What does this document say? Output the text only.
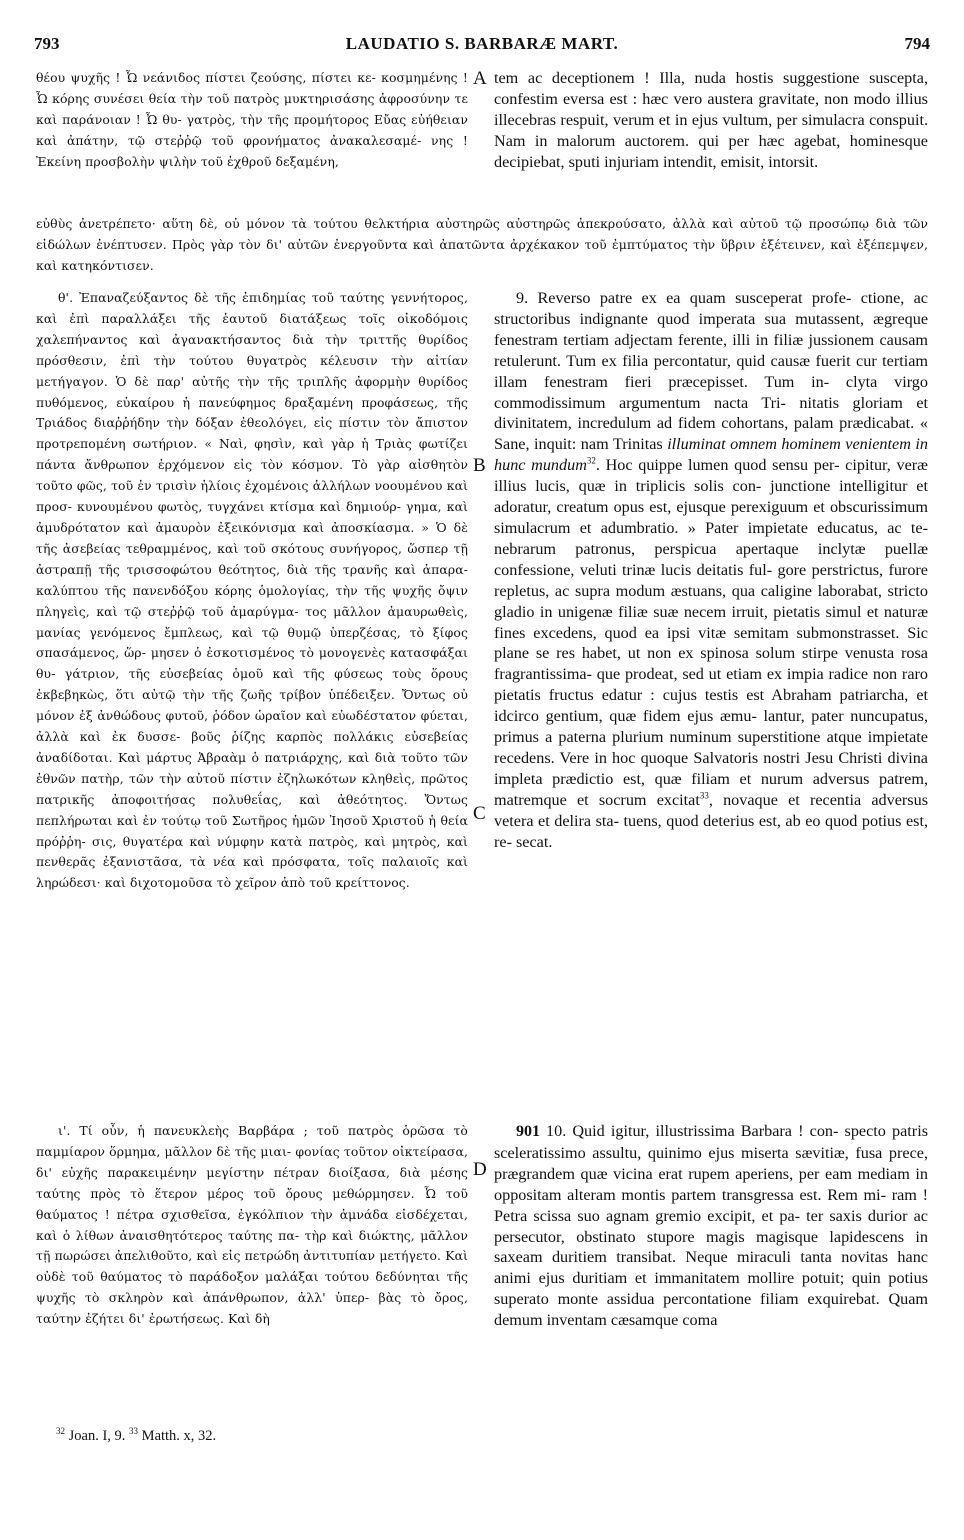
793	LAUDATIO S. BARBARÆ MART.	794

θέου ψυχῆς ! Ὦ νεάνιδος πίστει ζεούσης, πίστει κε- κοσμημένης ! Ὦ κόρης συνέσει θεία τὴν τοῦ πατρὸς μυκτηρισάσης ἀφροσύνην τε καὶ παράνοιαν ! Ὦ θυ- γατρὸς, τὴν τῆς προμήτορος Εὔας εὐήθειαν καὶ ἀπάτην, τῷ στεῤῥῷ τοῦ φρονήματος ἀνακαλεσαμέ- νης ! Ἐκείνη προσβολὴν ψιλὴν τοῦ ἐχθροῦ δεξαμένη,

tem ac deceptionem ! Illa, nuda hostis suggestione suscepta, confestim eversa est : hæc vero austera gravitate, non modo illius illecebras respuit, verum et in ejus vultum, per simulacra conspuit. Nam in malorum auctorem. qui per hæc agebat, hominesque decipiebat, sputi injuriam intendit, emisit, intorsit.

εὐθὺς ἀνετρέπετο· αὕτη δὲ, οὐ μόνον τὰ τούτου θελκτήρια αὐστηρῶς αὐστηρῶς ἀπεκρούσατο, ἀλλὰ καὶ αὐτοῦ τῷ προσώπῳ διὰ τῶν εἰδώλων ἐνέπτυσεν. Πρὸς γὰρ τὸν δι' αὐτῶν ἐνεργοῦντα καὶ ἀπατῶντα ἀρχέκακον τοῦ ἐμπτύματος τὴν ὕβριν ἐξέτεινεν, καὶ ἐξέπεμψεν, καὶ κατηκόντισεν.

θ'. Ἐπαναζεύξαντος δὲ τῆς ἐπιδημίας τοῦ ταύτης γεννήτορος, καὶ ἐπὶ παραλλάξει τῆς ἑαυτοῦ διατάξεως τοῖς οἰκοδόμοις χαλεπήναντος καὶ ἀγανακτήσαντος διὰ τὴν τριττῆς θυρίδος πρόσθεσιν, ἐπὶ τὴν τούτου θυγατρὸς κέλευσιν τὴν αἰτίαν μετήγαγον. Ὁ δὲ παρ' αὐτῆς τὴν τῆς τριπλῆς ἀφορμὴν θυρίδος πυθόμενος, εὐκαίρου ἡ πανεύφημος δραξαμένη προφάσεως, τῆς Τριάδος διαῤῥήδην τὴν δόξαν ἐθεολόγει, εἰς πίστιν τὸν ἄπιστον προτρεπομένη σωτήριον. « Ναὶ, φησὶν, καὶ γὰρ ἡ Τριὰς φωτίζει πάντα ἄνθρωπον ἐρχόμενον εἰς τὸν κόσμον. Τὸ γὰρ αἰσθητὸν τοῦτο φῶς, τοῦ ἐν τρισὶν ἡλίοις ἐχομένοις ἀλλήλων νοουμένου καὶ προσ- κυνουμένου φωτὸς, τυγχάνει κτίσμα καὶ δημιούρ- γημα, καὶ ἀμυδρότατον καὶ ἀμαυρὸν ἐξεικόνισμα καὶ ἀποσκίασμα. » Ὁ δὲ τῆς ἀσεβείας τεθραμμένος, καὶ τοῦ σκότους συνήγορος, ὥσπερ τῇ ἀστραπῇ τῆς τρισσοφώτου θεότητος, διὰ τῆς τρανῆς καὶ ἀπαρα- καλύπτου τῆς πανενδόξου κόρης ὁμολογίας, τὴν τῆς ψυχῆς ὄψιν πληγεὶς, καὶ τῷ στεῤῥῷ τοῦ ἀμαρύγμα- τος μᾶλλον ἀμαυρωθεὶς, μανίας γενόμενος ἔμπλεως, καὶ τῷ θυμῷ ὑπερζέσας, τὸ ξίφος σπασάμενος, ὥρ- μησεν ὁ ἐσκοτισμένος τὸ μονογενὲς κατασφάξαι θυ- γάτριον, τῆς εὐσεβείας ὁμοῦ καὶ τῆς φύσεως τοὺς ὅρους ἐκβεβηκὼς, ὅτι αὐτῷ τὴν τῆς ζωῆς τρίβον ὑπέδειξεν. Ὄντως οὐ μόνον ἐξ ἀνθώδους φυτοῦ, ῥόδον ὡραῖον καὶ εὐωδέστατον φύεται, ἀλλὰ καὶ ἐκ δυσσε- βοῦς ῥίζης καρπὸς πολλάκις εὐσεβείας ἀναδίδοται. Καὶ μάρτυς Ἀβραὰμ ὁ πατριάρχης, καὶ διὰ τοῦτο τῶν ἐθνῶν πατὴρ, τῶν τὴν αὐτοῦ πίστιν ἐζηλωκότων κληθεὶς, πρῶτος πατρικῆς ἀποφοιτήσας πολυθεΐας, καὶ ἀθεότητος. Ὄντως πεπλήρωται καὶ ἐν τούτῳ τοῦ Σωτῆρος ἡμῶν Ἰησοῦ Χριστοῦ ἡ θεία πρόῤῥη- σις, θυγατέρα καὶ νύμφην κατὰ πατρὸς, καὶ μητρὸς, καὶ πενθερᾶς ἐξανιστᾶσα, τὰ νέα καὶ πρόσφατα, τοῖς παλαιοῖς καὶ ληρώδεσι· καὶ διχοτομοῦσα τὸ χεῖρον ἀπὸ τοῦ κρείττονος.

9. Reverso patre ex ea quam susceperat profe- ctione, ac structoribus indignante quod imperata sua mutassent, ægreque fenestram tertiam adjectam ferente, illi in filiæ jussionem causam retulerunt. Tum ex filia percontatur, quid causæ fuerit cur tertiam illam fenestram fieri præcepisset. Tum in- clyta virgo commodissimum argumentum nacta Tri- nitatis gloriam et divinitatem, incredulum ad fidem cohortans, palam prædicabat. « Sane, inquit: nam Trinitas illuminat omnem hominem venientem in hunc mundum$^{32}$. Hoc quippe lumen quod sensu per- cipitur, veræ illius lucis, quæ in triplicis solis con- junctione intelligitur et adoratur, creatum opus est, ejusque perexiguum et obscurissimum simulacrum et adumbratio. » Pater impietate educatus, ac te- nebrarum patronus, perspicua apertaque inclytæ puellæ confessione, veluti trinæ lucis deitatis ful- gore perstrictus, furore repletus, ac supra modum æstuans, qua caligine laborabat, stricto gladio in unigenæ filiæ suæ necem irruit, pietatis simul et naturæ fines excedens, quod ea ipsi vitæ semitam submonstrasset. Sic plane se res habet, ut non ex spinosa solum stirpe venusta rosa fragrantissima- que prodeat, sed ut etiam ex impia radice non raro pietatis fructus edatur : cujus testis est Abraham patriarcha, et idcirco gentium, quæ fidem ejus æmu- lantur, pater nuncupatus, primus a paterna plurium numinum superstitione atque impietate recedens. Vere in hoc quoque Salvatoris nostri Jesu Christi divina impleta prædictio est, quæ filiam et nurum adversus patrem, matremque et socrum excitat$^{33}$, novaque et recentia adversus vetera et delira sta- tuens, quod deterius est, ab eo quod potius est, re- secat.

ι'. Τί οὖν, ἡ πανευκλεὴς Βαρβάρα ; τοῦ πατρὸς ὁρῶσα τὸ παμμίαρον ὅρμημα, μᾶλλον δὲ τῆς μιαι- φονίας τοῦτον οἰκτείρασα, δι' εὐχῆς παρακειμένην μεγίστην πέτραν διοίξασα, διὰ μέσης ταύτης πρὸς τὸ ἕτερον μέρος τοῦ ὄρους μεθώρμησεν. Ὦ τοῦ θαύματος ! πέτρα σχισθεῖσα, ἐγκόλπιον τὴν ἀμνάδα εἰσδέχεται, καὶ ὁ λίθων ἀναισθητότερος ταύτης πα- τὴρ καὶ διώκτης, μᾶλλον τῇ πωρώσει ἀπελιθοῦτο, καὶ εἰς πετρώδη ἀντιτυπίαν μετήγετο. Καὶ οὐδὲ τοῦ θαύματος τὸ παράδοξον μαλάξαι τούτου δεδύνηται τῆς ψυχῆς τὸ σκληρὸν καὶ ἀπάνθρωπον, ἀλλ' ὑπερ- βὰς τὸ ὄρος, ταύτην ἐζήτει δι' ἐρωτήσεως. Καὶ δὴ

901 10. Quid igitur, illustrissima Barbara ! con- specto patris sceleratissimo assultu, quinimo ejus miserta sævitiæ, fusa prece, prægrandem quæ vicina erat rupem aperiens, per eam mediam in oppositam alteram montis partem transgressa est. Rem mi- ram ! Petra scissa suo agnam gremio excipit, et pa- ter saxis durior ac persecutor, obstinato stupore magis magisque lapidescens in saxeam duritiem transibat. Neque miraculi tanta novitas hanc animi ejus duritiam et immanitatem mollire potuit; quin potius superato monte assidua percontatione filiam exquirebat. Quam demum inventam cæsamque coma

A
B
C
D
$^{32}$ Joan. I, 9. $^{33}$ Matth. x, 32.
